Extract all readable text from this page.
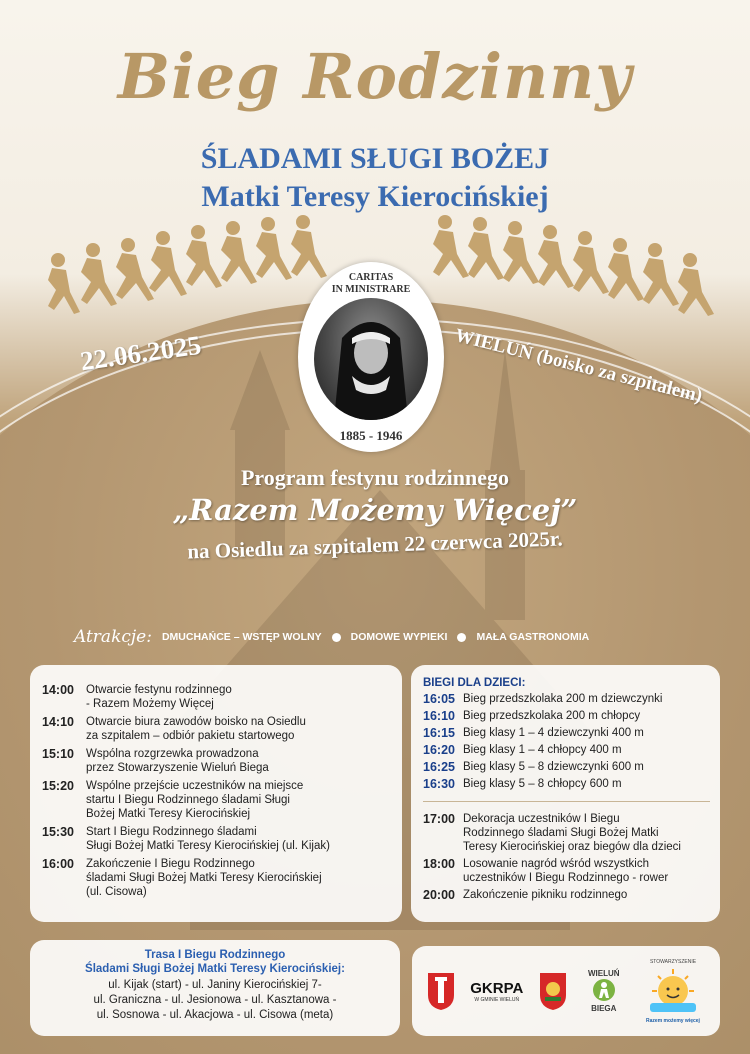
Bieg Rodzinny
ŚLADAMI SŁUGI BOŻEJ
Matki Teresy Kierocińskiej
22.06.2025	WIELUŃ (boisko za szpitalem)
CARITAS
IN MINISTRARE
1885 - 1946
Program festynu rodzinnego
„Razem Możemy Więcej”
na Osiedlu za szpitalem 22 czerwca 2025r.
Atrakcje: DMUCHAŃCE – WSTĘP WOLNY	DOMOWE WYPIEKI	MAŁA GASTRONOMIA
14:00	Otwarcie festynu rodzinnego
- Razem Możemy Więcej
14:10	Otwarcie biura zawodów boisko na Osiedlu
za szpitalem – odbiór pakietu startowego
15:10	Wspólna rozgrzewka prowadzona
przez Stowarzyszenie Wieluń Biega
15:20	Wspólne przejście uczestników na miejsce
startu I Biegu Rodzinnego śladami Sługi
Bożej Matki Teresy Kierocińskiej
15:30	Start I Biegu Rodzinnego śladami
Sługi Bożej Matki Teresy Kierocińskiej (ul. Kijak)
16:00	Zakończenie I Biegu Rodzinnego
śladami Sługi Bożej Matki Teresy Kierocińskiej
(ul. Cisowa)
BIEGI DLA DZIECI:
16:05 Bieg przedszkolaka 200 m dziewczynki
16:10 Bieg przedszkolaka 200 m chłopcy
16:15 Bieg klasy 1 – 4 dziewczynki 400 m
16:20 Bieg klasy 1 – 4 chłopcy 400 m
16:25 Bieg klasy 5 – 8 dziewczynki 600 m
16:30 Bieg klasy 5 – 8 chłopcy 600 m
17:00 Dekoracja uczestników I Biegu
Rodzinnego śladami Sługi Bożej Matki
Teresy Kierocińskiej oraz biegów dla dzieci
18:00 Losowanie nagród wśród wszystkich
uczestników I Biegu Rodzinnego - rower
20:00 Zakończenie pikniku rodzinnego
Trasa I Biegu Rodzinnego
Śladami Sługi Bożej Matki Teresy Kierocińskiej:
ul. Kijak (start) - ul. Janiny Kierocińskiej 7-
ul. Graniczna - ul. Jesionowa - ul. Kasztanowa -
ul. Sosnowa - ul. Akacjowa - ul. Cisowa (meta)
GKRPA
W GMINIE WIELUŃ
WIELUŃ
BIEGA
STOWARZYSZENIE
Razem możemy więcej
